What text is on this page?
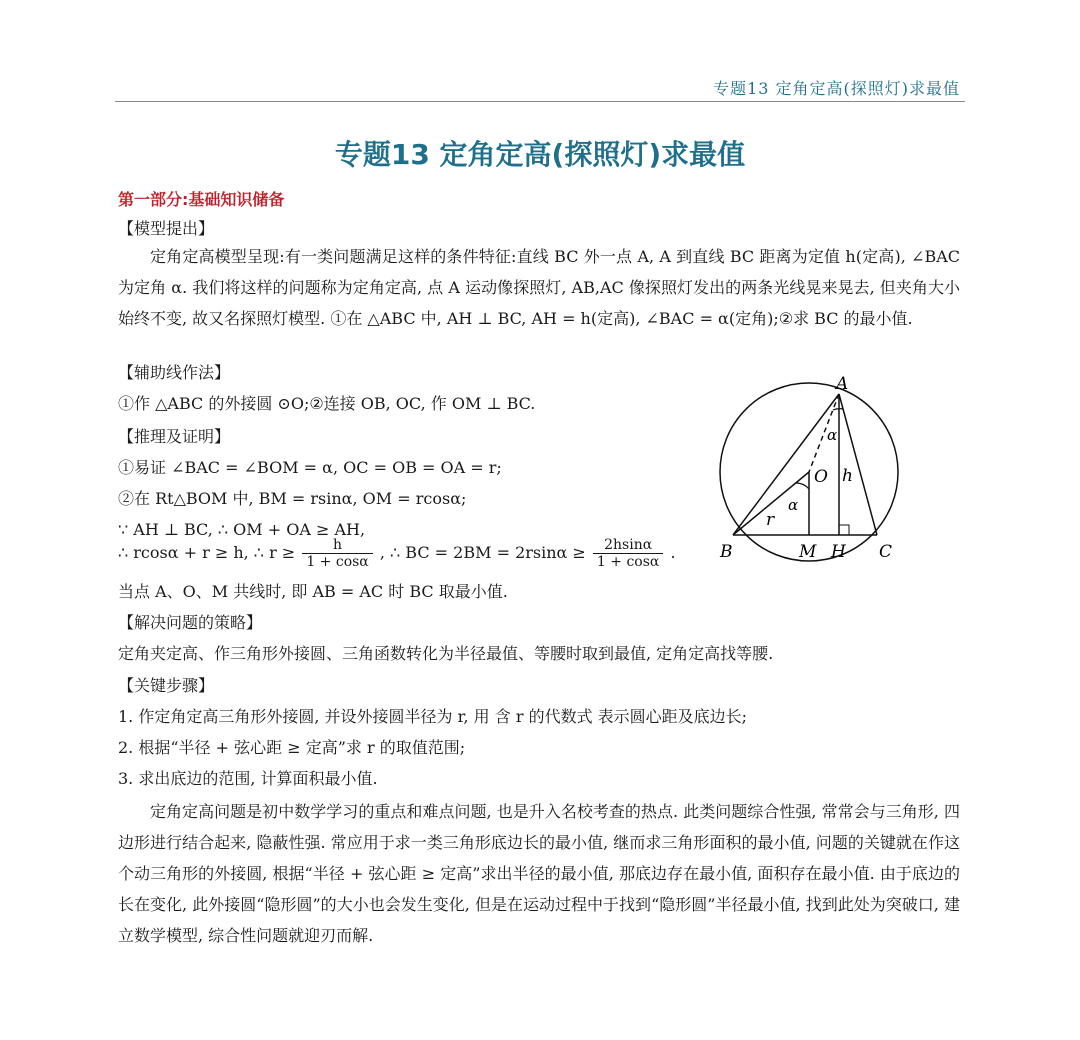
专题13 定角定高(探照灯)求最值
专题13 定角定高(探照灯)求最值
第一部分:基础知识储备
【模型提出】
定角定高模型呈现:有一类问题满足这样的条件特征:直线 BC 外一点 A, A 到直线 BC 距离为定值 h(定高), ∠BAC 为定角 α. 我们将这样的问题称为定角定高, 点 A 运动像探照灯, AB,AC 像探照灯发出的两条光线晃来晃去, 但夹角大小始终不变, 故又名探照灯模型. ①在 △ABC 中, AH ⊥ BC, AH = h(定高), ∠BAC = α(定角);②求 BC 的最小值.
【辅助线作法】
①作 △ABC 的外接圆 ⊙O;②连接 OB, OC, 作 OM ⊥ BC.
【推理及证明】
①易证 ∠BAC = ∠BOM = α, OC = OB = OA = r;
②在 Rt△BOM 中, BM = rsinα, OM = rcosα;
∵ AH ⊥ BC, ∴ OM + OA ≥ AH,
∴ rcosα + r ≥ h, ∴ $r \ge \frac{h}{1 + \cos\alpha}$ , ∴ BC = $2BM = 2rsin\alpha \ge \frac{2hsin\alpha}{1 + \cos\alpha}$ .
当点 A、O、M 共线时, 即 AB = AC 时 BC 取最小值.
【解决问题的策略】
定角夹定高、作三角形外接圆、三角函数转化为半径最值、等腰时取到最值, 定角定高找等腰.
【关键步骤】
1. 作定角定高三角形外接圆, 并设外接圆半径为 r, 用 含 r 的代数式 表示圆心距及底边长;
2. 根据“半径 + 弦心距 ≥ 定高”求 r 的取值范围;
3. 求出底边的范围, 计算面积最小值.
定角定高问题是初中数学学习的重点和难点问题, 也是升入名校考查的热点. 此类问题综合性强, 常常会与三角形, 四边形进行结合起来, 隐蔽性强. 常应用于求一类三角形底边长的最小值, 继而求三角形面积的最小值, 问题的关键就在作这个动三角形的外接圆, 根据“半径 + 弦心距 ≥ 定高”求出半径的最小值, 那底边存在最小值, 面积存在最小值. 由于底边的长在变化, 此外接圆“隐形圆”的大小也会发生变化, 但是在运动过程中于找到“隐形圆”半径最小值, 找到此处为突破口, 建立数学模型, 综合性问题就迎刃而解.
A
B	C
O
M H
h
r
α
α
